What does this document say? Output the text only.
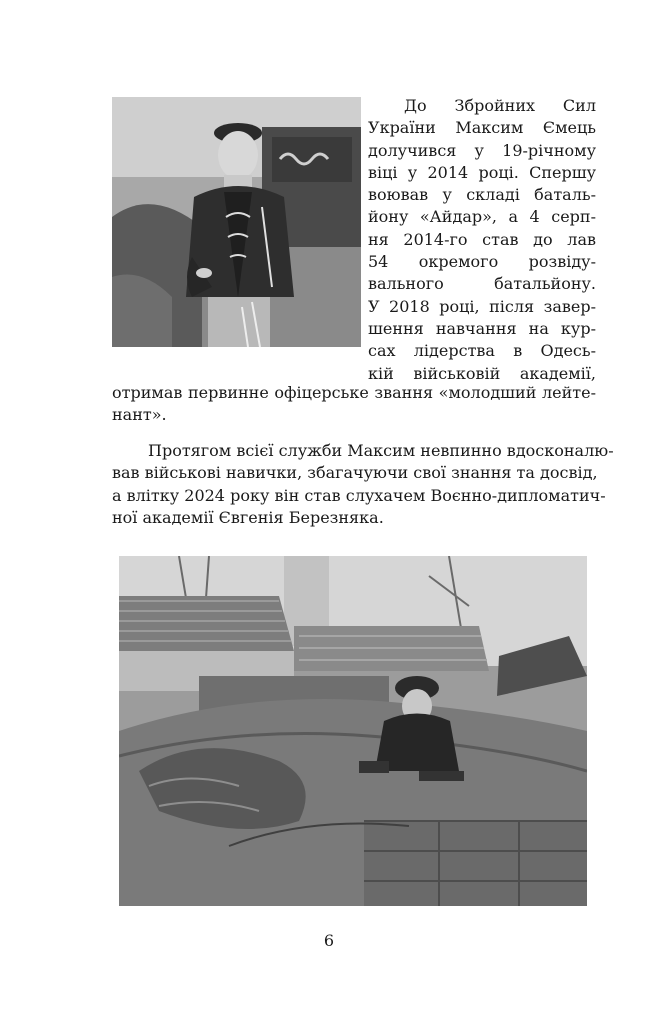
До Збройних Сил
України Максим Ємець
долучився у 19-річному
віці у 2014 році. Спершу
воював у складі баталь-
йону «Айдар», а 4 серп-
ня 2014-го став до лав
54 окремого розвіду-
вального батальйону.
У 2018 році, після завер-
шення навчання на кур-
сах лідерства в Одесь-
кій військовій академії,
отримав первинне офіцерське звання «молодший лейте-
нант».
Протягом всієї служби Максим невпинно вдосконалю-
вав військові навички, збагачуючи свої знання та досвід,
а влітку 2024 року він став слухачем Воєнно-дипломатич-
ної академії Євгенія Березняка.
6
